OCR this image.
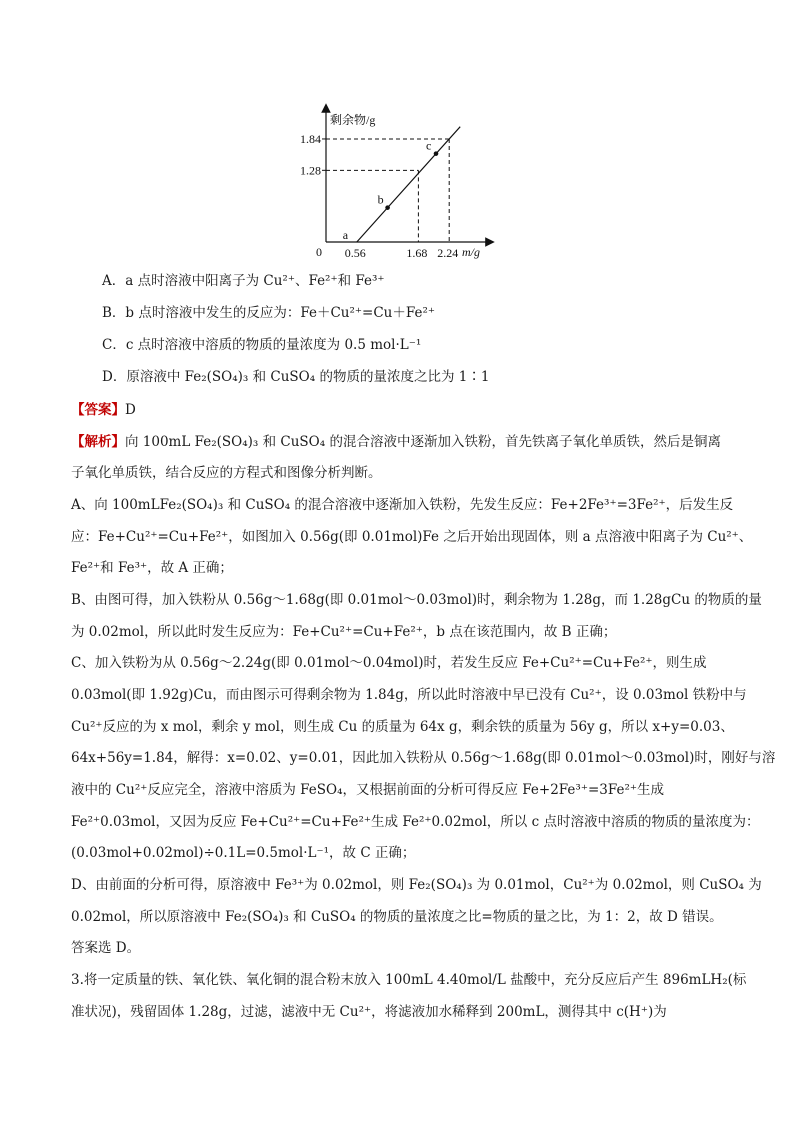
1.84
1.28
0.56	1.68 2.24
a
b
c
剩余物/g
m/g
0
A．a 点时溶液中阳离子为 Cu²⁺、Fe²⁺和 Fe³⁺
B．b 点时溶液中发生的反应为：Fe＋Cu²⁺=Cu＋Fe²⁺
C．c 点时溶液中溶质的物质的量浓度为 0.5 mol·L⁻¹
D．原溶液中 Fe₂(SO₄)₃ 和 CuSO₄ 的物质的量浓度之比为 1∶1
【答案】D
【解析】向 100mL Fe₂(SO₄)₃ 和 CuSO₄ 的混合溶液中逐渐加入铁粉，首先铁离子氧化单质铁，然后是铜离
子氧化单质铁，结合反应的方程式和图像分析判断。
A、向 100mLFe₂(SO₄)₃ 和 CuSO₄ 的混合溶液中逐渐加入铁粉，先发生反应：Fe+2Fe³⁺=3Fe²⁺，后发生反
应：Fe+Cu²⁺=Cu+Fe²⁺，如图加入 0.56g(即 0.01mol)Fe 之后开始出现固体，则 a 点溶液中阳离子为 Cu²⁺、
Fe²⁺和 Fe³⁺，故 A 正确；
B、由图可得，加入铁粉从 0.56g～1.68g(即 0.01mol～0.03mol)时，剩余物为 1.28g，而 1.28gCu 的物质的量
为 0.02mol，所以此时发生反应为：Fe+Cu²⁺=Cu+Fe²⁺，b 点在该范围内，故 B 正确；
C、加入铁粉为从 0.56g～2.24g(即 0.01mol～0.04mol)时，若发生反应 Fe+Cu²⁺=Cu+Fe²⁺，则生成
0.03mol(即 1.92g)Cu，而由图示可得剩余物为 1.84g，所以此时溶液中早已没有 Cu²⁺，设 0.03mol 铁粉中与
Cu²⁺反应的为 x mol，剩余 y mol，则生成 Cu 的质量为 64x g，剩余铁的质量为 56y g，所以 x+y=0.03、
64x+56y=1.84，解得：x=0.02、y=0.01，因此加入铁粉从 0.56g～1.68g(即 0.01mol～0.03mol)时，刚好与溶
液中的 Cu²⁺反应完全，溶液中溶质为 FeSO₄，又根据前面的分析可得反应 Fe+2Fe³⁺=3Fe²⁺生成
Fe²⁺0.03mol，又因为反应 Fe+Cu²⁺=Cu+Fe²⁺生成 Fe²⁺0.02mol，所以 c 点时溶液中溶质的物质的量浓度为：
(0.03mol+0.02mol)÷0.1L=0.5mol·L⁻¹，故 C 正确；
D、由前面的分析可得，原溶液中 Fe³⁺为 0.02mol，则 Fe₂(SO₄)₃ 为 0.01mol，Cu²⁺为 0.02mol，则 CuSO₄ 为
0.02mol，所以原溶液中 Fe₂(SO₄)₃ 和 CuSO₄ 的物质的量浓度之比=物质的量之比，为 1：2，故 D 错误。
答案选 D。
3.将一定质量的铁、氧化铁、氧化铜的混合粉末放入 100mL 4.40mol/L 盐酸中，充分反应后产生 896mLH₂(标
准状况)，残留固体 1.28g，过滤，滤液中无 Cu²⁺，将滤液加水稀释到 200mL，测得其中 c(H⁺)为
